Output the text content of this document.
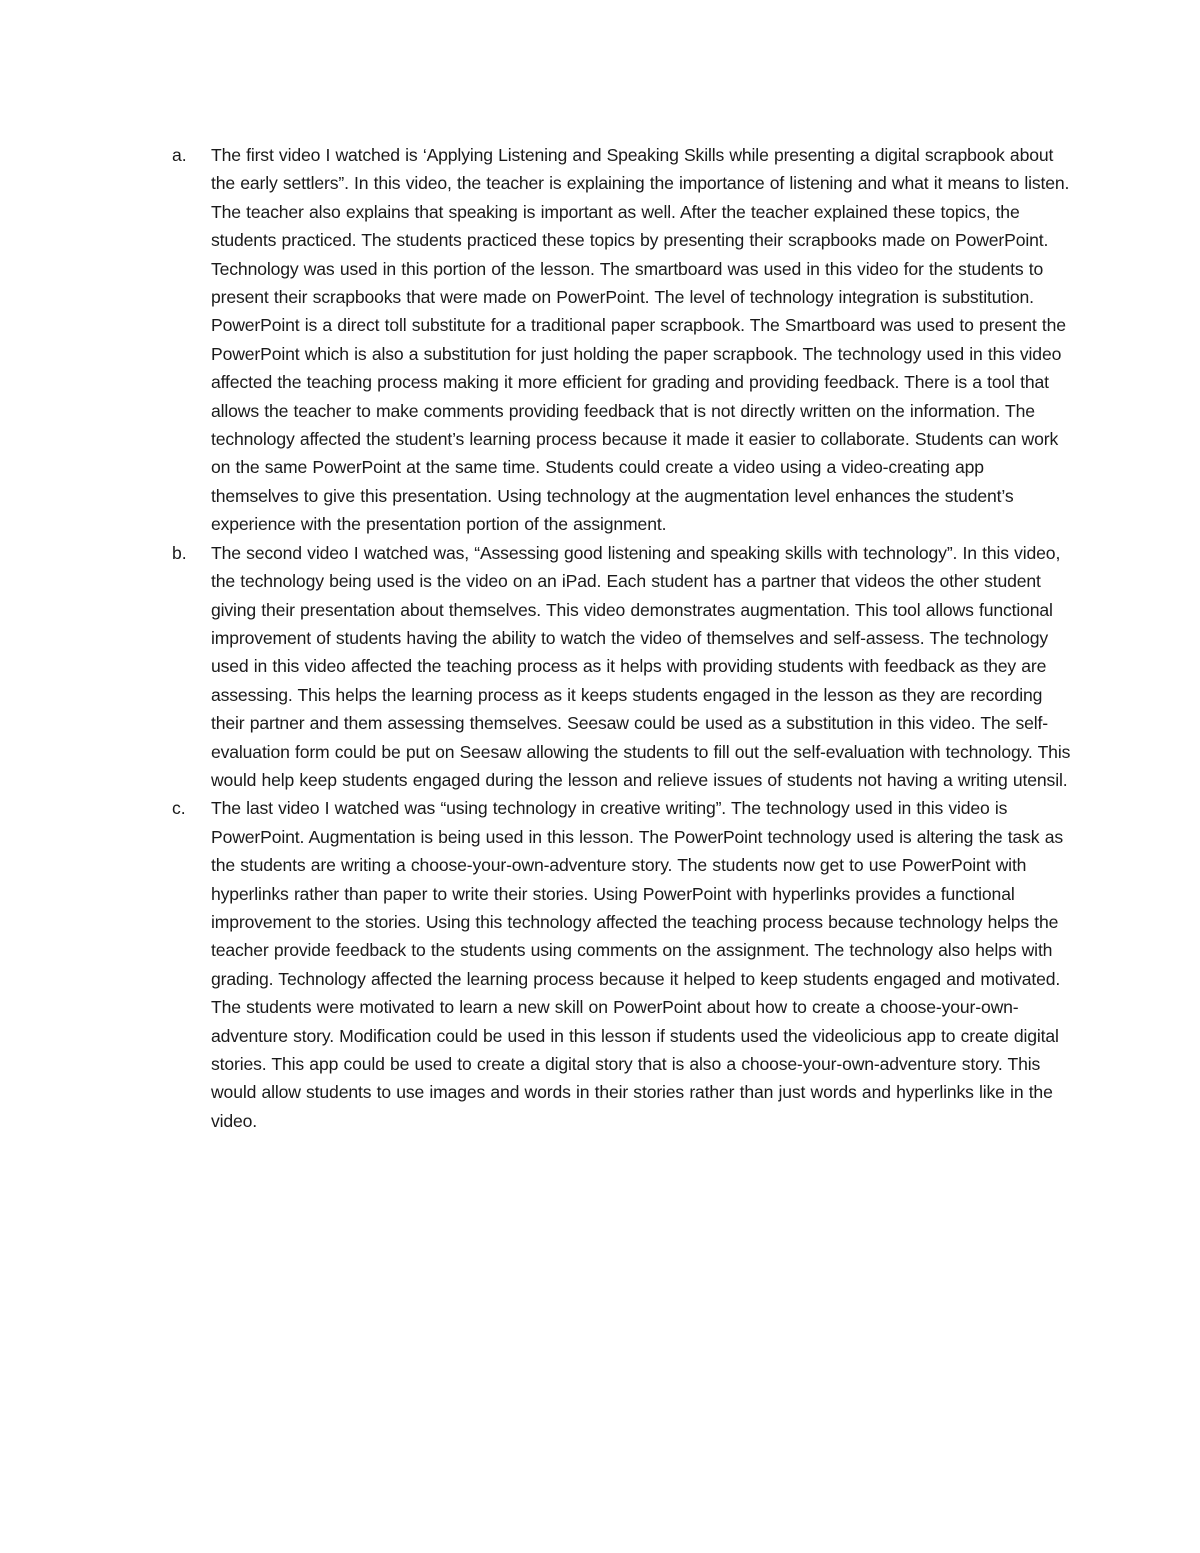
a. The first video I watched is ‘Applying Listening and Speaking Skills while presenting a digital scrapbook about the early settlers”. In this video, the teacher is explaining the importance of listening and what it means to listen. The teacher also explains that speaking is important as well. After the teacher explained these topics, the students practiced. The students practiced these topics by presenting their scrapbooks made on PowerPoint. Technology was used in this portion of the lesson. The smartboard was used in this video for the students to present their scrapbooks that were made on PowerPoint. The level of technology integration is substitution. PowerPoint is a direct toll substitute for a traditional paper scrapbook. The Smartboard was used to present the PowerPoint which is also a substitution for just holding the paper scrapbook. The technology used in this video affected the teaching process making it more efficient for grading and providing feedback. There is a tool that allows the teacher to make comments providing feedback that is not directly written on the information. The technology affected the student’s learning process because it made it easier to collaborate. Students can work on the same PowerPoint at the same time. Students could create a video using a video-creating app themselves to give this presentation. Using technology at the augmentation level enhances the student’s experience with the presentation portion of the assignment.

b. The second video I watched was, “Assessing good listening and speaking skills with technology”. In this video, the technology being used is the video on an iPad. Each student has a partner that videos the other student giving their presentation about themselves. This video demonstrates augmentation. This tool allows functional improvement of students having the ability to watch the video of themselves and self-assess. The technology used in this video affected the teaching process as it helps with providing students with feedback as they are assessing. This helps the learning process as it keeps students engaged in the lesson as they are recording their partner and them assessing themselves. Seesaw could be used as a substitution in this video. The self-evaluation form could be put on Seesaw allowing the students to fill out the self-evaluation with technology. This would help keep students engaged during the lesson and relieve issues of students not having a writing utensil.

c. The last video I watched was “using technology in creative writing”. The technology used in this video is PowerPoint. Augmentation is being used in this lesson. The PowerPoint technology used is altering the task as the students are writing a choose-your-own-adventure story. The students now get to use PowerPoint with hyperlinks rather than paper to write their stories. Using PowerPoint with hyperlinks provides a functional improvement to the stories. Using this technology affected the teaching process because technology helps the teacher provide feedback to the students using comments on the assignment. The technology also helps with grading. Technology affected the learning process because it helped to keep students engaged and motivated. The students were motivated to learn a new skill on PowerPoint about how to create a choose-your-own-adventure story. Modification could be used in this lesson if students used the videolicious app to create digital stories. This app could be used to create a digital story that is also a choose-your-own-adventure story. This would allow students to use images and words in their stories rather than just words and hyperlinks like in the video.
